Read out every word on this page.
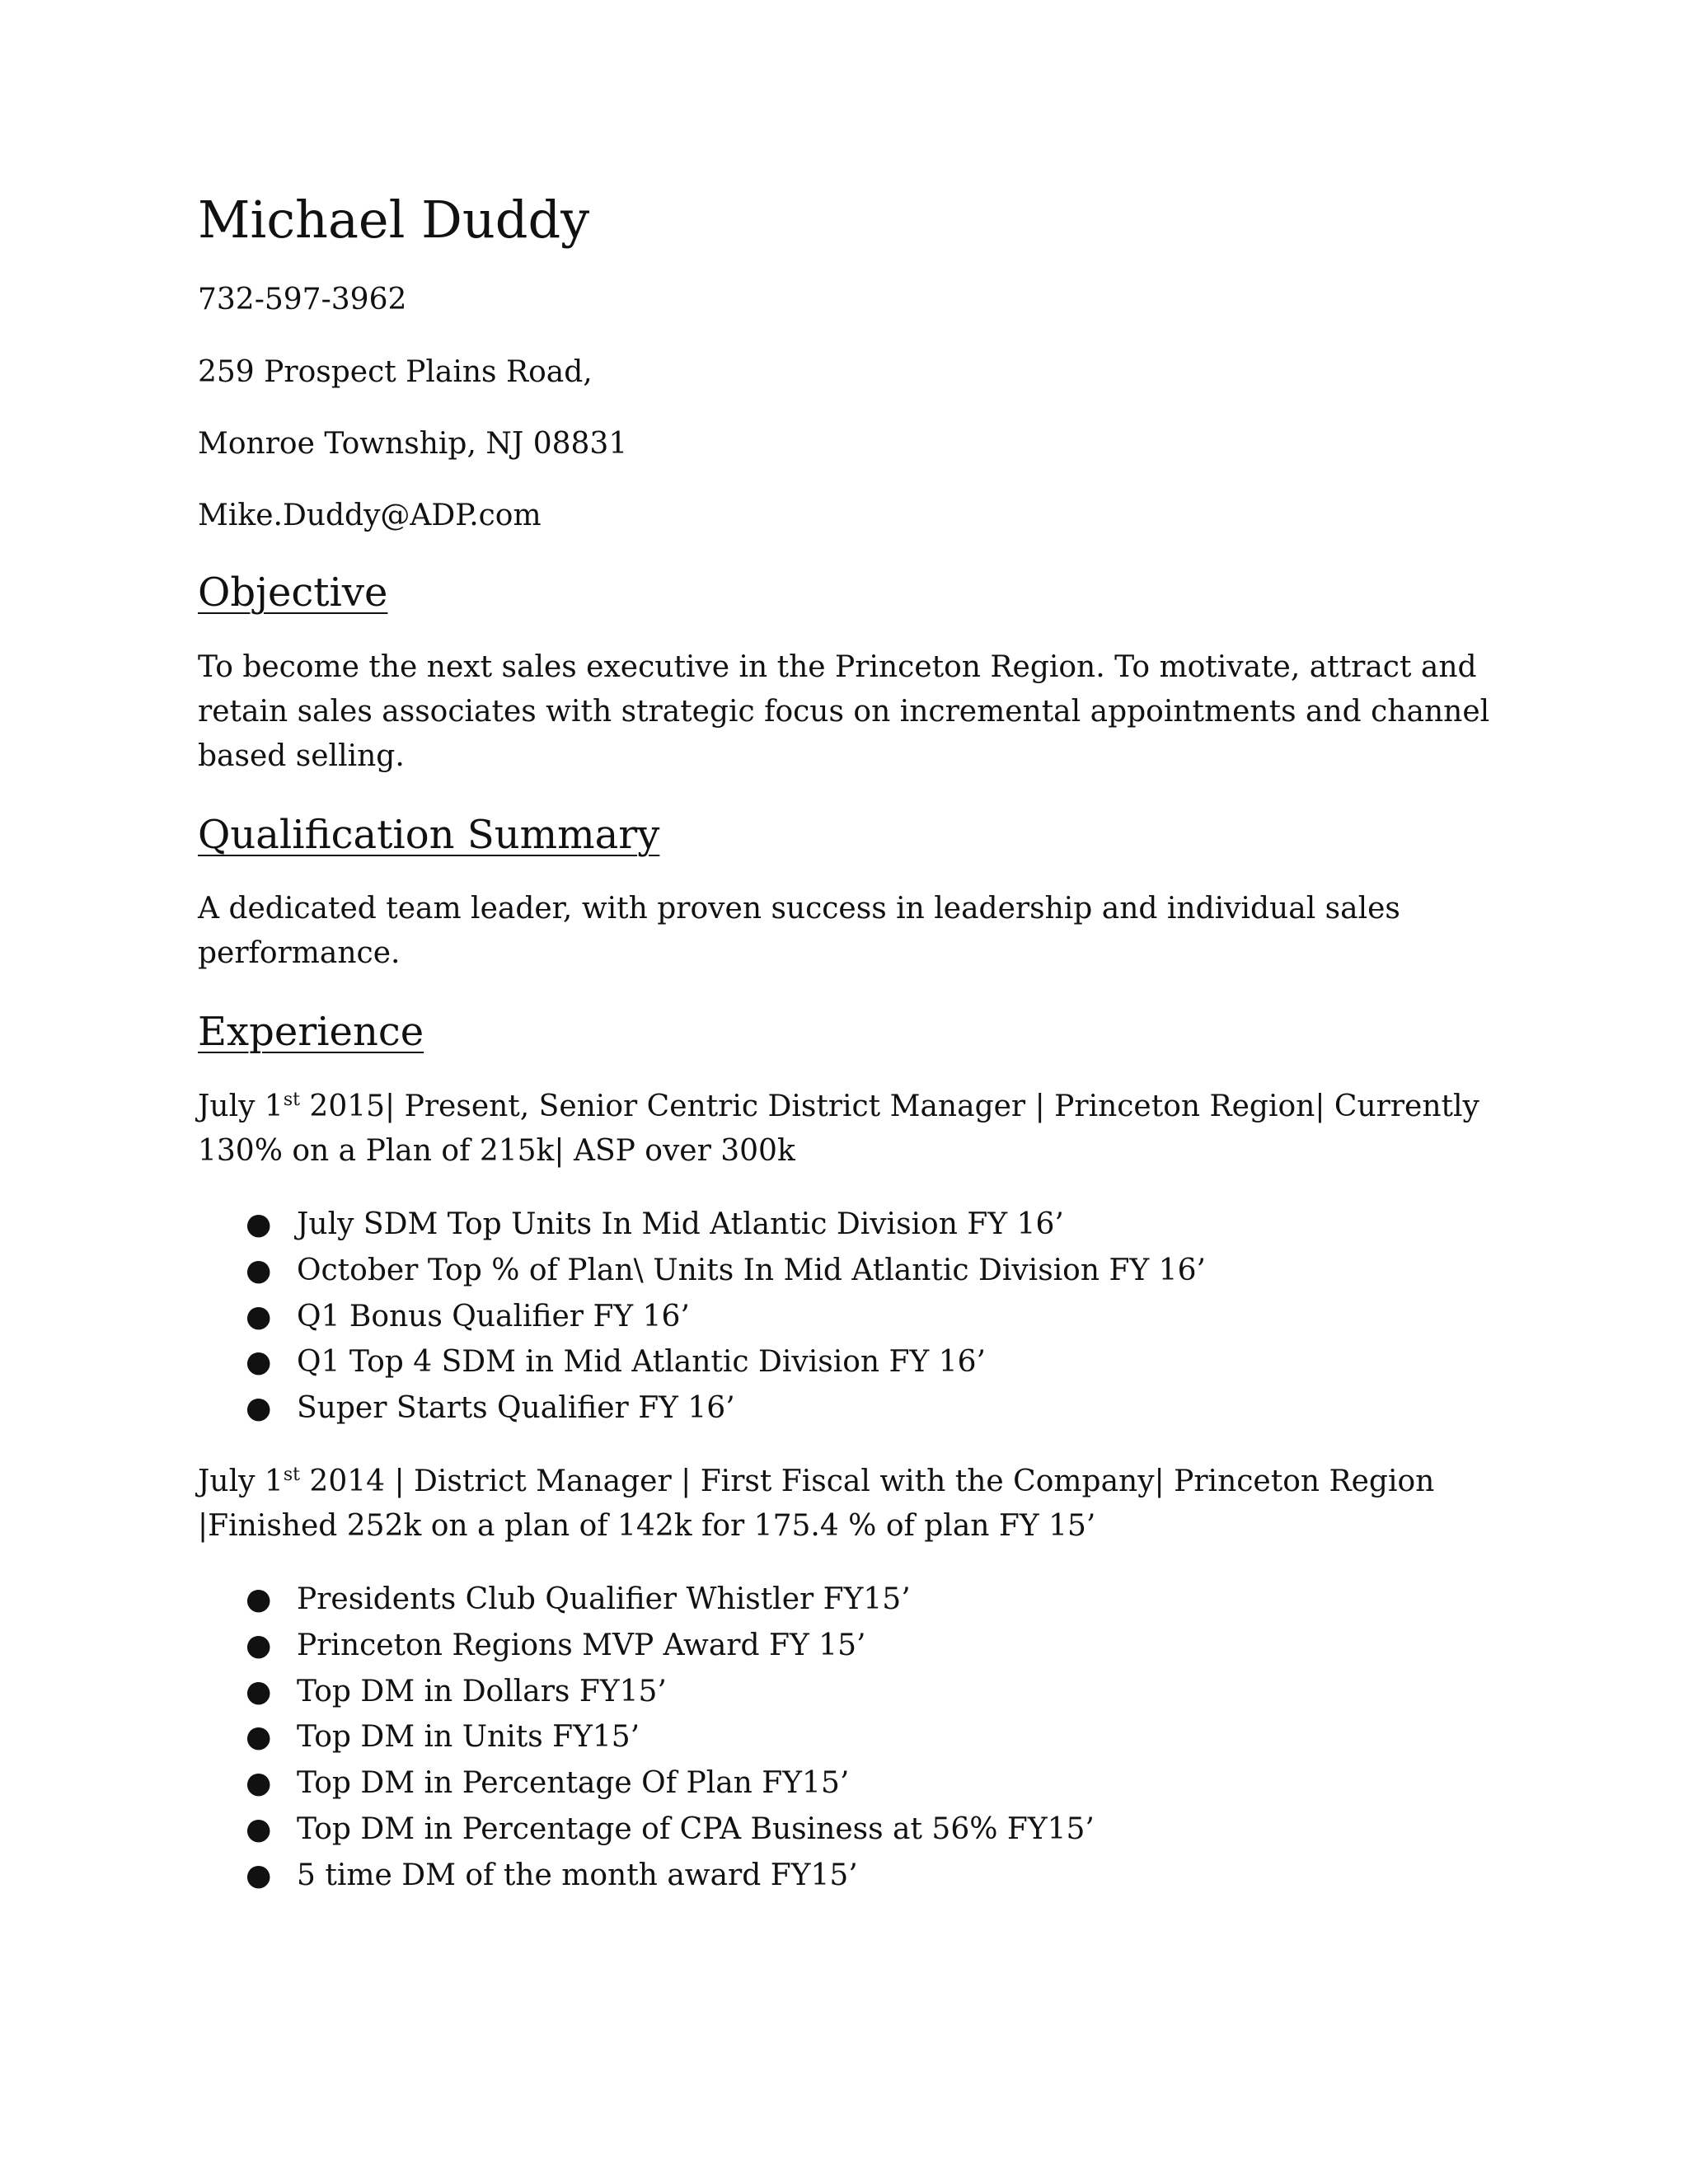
Michael Duddy
732-597-3962
259 Prospect Plains Road,
Monroe Township, NJ 08831
Mike.Duddy@ADP.com
Objective

To become the next sales executive in the Princeton Region. To motivate, attract and retain sales associates with strategic focus on incremental appointments and channel based selling.

Qualification Summary

A dedicated team leader, with proven success in leadership and individual sales performance.

Experience

July 1st 2015| Present, Senior Centric District Manager | Princeton Region| Currently 130% on a Plan of 215k| ASP over 300k

● July SDM Top Units In Mid Atlantic Division FY 16’
● October Top % of Plan\ Units In Mid Atlantic Division FY 16’
● Q1 Bonus Qualifier FY 16’
● Q1 Top 4 SDM in Mid Atlantic Division FY 16’
● Super Starts Qualifier FY 16’

July 1st 2014 | District Manager | First Fiscal with the Company| Princeton Region |Finished 252k on a plan of 142k for 175.4 % of plan FY 15’

● Presidents Club Qualifier Whistler FY15’
● Princeton Regions MVP Award FY 15’
● Top DM in Dollars FY15’
● Top DM in Units FY15’
● Top DM in Percentage Of Plan FY15’
● Top DM in Percentage of CPA Business at 56% FY15’
● 5 time DM of the month award FY15’
